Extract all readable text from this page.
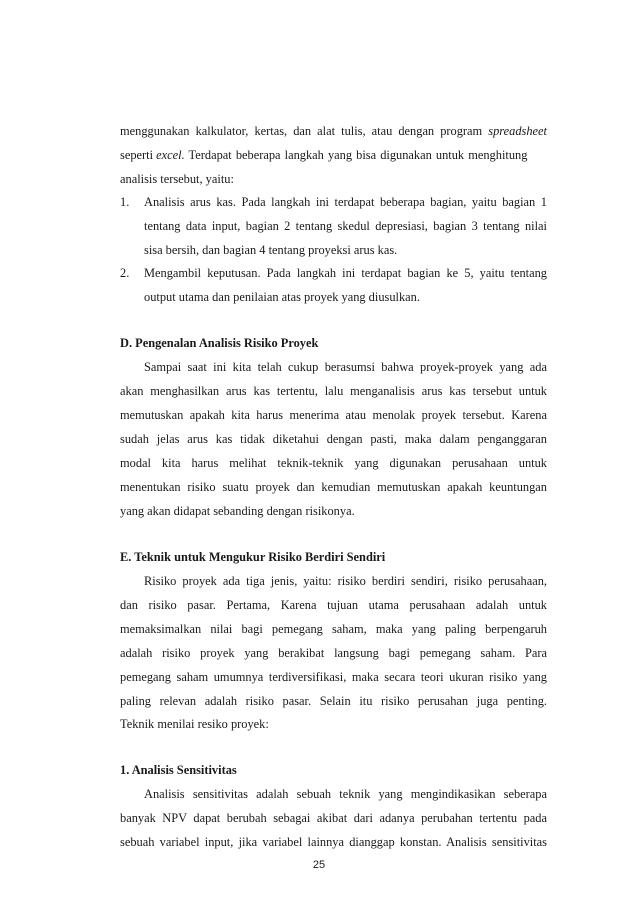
menggunakan kalkulator, kertas, dan alat tulis, atau dengan program spreadsheet
seperti excel. Terdapat beberapa langkah yang bisa digunakan untuk menghitung
analisis tersebut, yaitu:
1. Analisis arus kas. Pada langkah ini terdapat beberapa bagian, yaitu bagian 1
tentang data input, bagian 2 tentang skedul depresiasi, bagian 3 tentang nilai
sisa bersih, dan bagian 4 tentang proyeksi arus kas.
2. Mengambil keputusan. Pada langkah ini terdapat bagian ke 5, yaitu tentang
output utama dan penilaian atas proyek yang diusulkan.
D. Pengenalan Analisis Risiko Proyek
Sampai saat ini kita telah cukup berasumsi bahwa proyek-proyek yang ada
akan menghasilkan arus kas tertentu, lalu menganalisis arus kas tersebut untuk
memutuskan apakah kita harus menerima atau menolak proyek tersebut. Karena
sudah jelas arus kas tidak diketahui dengan pasti, maka dalam penganggaran
modal kita harus melihat teknik-teknik yang digunakan perusahaan untuk
menentukan risiko suatu proyek dan kemudian memutuskan apakah keuntungan
yang akan didapat sebanding dengan risikonya.
E. Teknik untuk Mengukur Risiko Berdiri Sendiri
Risiko proyek ada tiga jenis, yaitu: risiko berdiri sendiri, risiko perusahaan,
dan risiko pasar. Pertama, Karena tujuan utama perusahaan adalah untuk
memaksimalkan nilai bagi pemegang saham, maka yang paling berpengaruh
adalah risiko proyek yang berakibat langsung bagi pemegang saham. Para
pemegang saham umumnya terdiversifikasi, maka secara teori ukuran risiko yang
paling relevan adalah risiko pasar. Selain itu risiko perusahan juga penting.
Teknik menilai resiko proyek:
1. Analisis Sensitivitas
Analisis sensitivitas adalah sebuah teknik yang mengindikasikan seberapa
banyak NPV dapat berubah sebagai akibat dari adanya perubahan tertentu pada
sebuah variabel input, jika variabel lainnya dianggap konstan. Analisis sensitivitas
25
